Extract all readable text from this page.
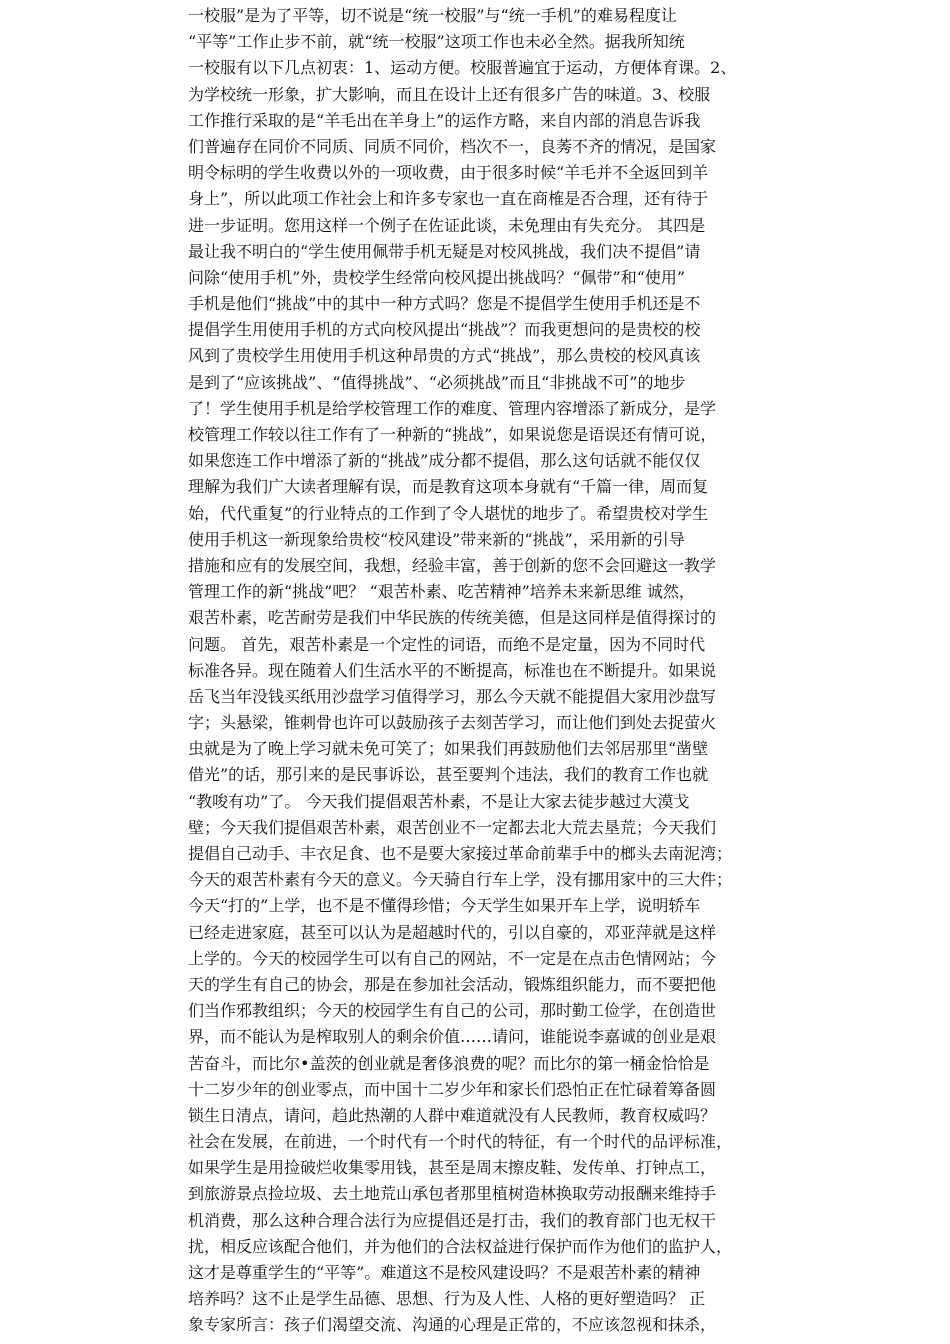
一校服”是为了平等，切不说是“统一校服”与“统一手机”的难易程度让
“平等”工作止步不前，就“统一校服”这项工作也未必全然。据我所知统
一校服有以下几点初衷：1、运动方便。校服普遍宜于运动，方便体育课。2、
为学校统一形象，扩大影响，而且在设计上还有很多广告的味道。3、校服
工作推行采取的是“羊毛出在羊身上”的运作方略，来自内部的消息告诉我
们普遍存在同价不同质、同质不同价，档次不一，良莠不齐的情况，是国家
明令标明的学生收费以外的一项收费，由于很多时候“羊毛并不全返回到羊
身上”，所以此项工作社会上和许多专家也一直在商榷是否合理，还有待于
进一步证明。您用这样一个例子在佐证此谈，未免理由有失充分。 其四是
最让我不明白的“学生使用佩带手机无疑是对校风挑战，我们决不提倡”请
问除“使用手机”外，贵校学生经常向校风提出挑战吗？“佩带”和“使用”
手机是他们“挑战”中的其中一种方式吗？您是不提倡学生使用手机还是不
提倡学生用使用手机的方式向校风提出“挑战”？而我更想问的是贵校的校
风到了贵校学生用使用手机这种昂贵的方式“挑战”，那么贵校的校风真该
是到了“应该挑战”、“值得挑战”、“必须挑战”而且“非挑战不可”的地步
了！学生使用手机是给学校管理工作的难度、管理内容增添了新成分，是学
校管理工作较以往工作有了一种新的“挑战”，如果说您是语误还有情可说，
如果您连工作中增添了新的“挑战”成分都不提倡，那么这句话就不能仅仅
理解为我们广大读者理解有误，而是教育这项本身就有“千篇一律，周而复
始，代代重复”的行业特点的工作到了令人堪忧的地步了。希望贵校对学生
使用手机这一新现象给贵校“校风建设”带来新的“挑战”，采用新的引导
措施和应有的发展空间，我想，经验丰富，善于创新的您不会回避这一教学
管理工作的新“挑战”吧？ “艰苦朴素、吃苦精神”培养未来新思维 诚然，
艰苦朴素，吃苦耐劳是我们中华民族的传统美德，但是这同样是值得探讨的
问题。 首先，艰苦朴素是一个定性的词语，而绝不是定量，因为不同时代
标准各异。现在随着人们生活水平的不断提高，标准也在不断提升。如果说
岳飞当年没钱买纸用沙盘学习值得学习，那么今天就不能提倡大家用沙盘写
字；头悬梁，锥刺骨也许可以鼓励孩子去刻苦学习，而让他们到处去捉萤火
虫就是为了晚上学习就未免可笑了；如果我们再鼓励他们去邻居那里“凿壁
借光”的话，那引来的是民事诉讼，甚至要判个违法，我们的教育工作也就
“教唆有功”了。 今天我们提倡艰苦朴素，不是让大家去徒步越过大漠戈
壁；今天我们提倡艰苦朴素，艰苦创业不一定都去北大荒去垦荒；今天我们
提倡自己动手、丰衣足食、也不是要大家接过革命前辈手中的榔头去南泥湾；
今天的艰苦朴素有今天的意义。今天骑自行车上学，没有挪用家中的三大件；
今天“打的”上学，也不是不懂得珍惜；今天学生如果开车上学，说明轿车
已经走进家庭，甚至可以认为是超越时代的，引以自豪的，邓亚萍就是这样
上学的。今天的校园学生可以有自己的网站，不一定是在点击色情网站；今
天的学生有自己的协会，那是在参加社会活动，锻炼组织能力，而不要把他
们当作邪教组织；今天的校园学生有自己的公司，那时勤工俭学，在创造世
界，而不能认为是榨取别人的剩余价值……请问，谁能说李嘉诚的创业是艰
苦奋斗，而比尔•盖茨的创业就是奢侈浪费的呢？而比尔的第一桶金恰恰是
十二岁少年的创业零点，而中国十二岁少年和家长们恐怕正在忙碌着筹备圆
锁生日清点，请问，趋此热潮的人群中难道就没有人民教师，教育权威吗？
社会在发展，在前进，一个时代有一个时代的特征，有一个时代的品评标准，
如果学生是用捡破烂收集零用钱，甚至是周末擦皮鞋、发传单、打钟点工，
到旅游景点捡垃圾、去土地荒山承包者那里植树造林换取劳动报酬来维持手
机消费，那么这种合理合法行为应提倡还是打击，我们的教育部门也无权干
扰，相反应该配合他们，并为他们的合法权益进行保护而作为他们的监护人，
这才是尊重学生的“平等”。难道这不是校风建设吗？不是艰苦朴素的精神
培养吗？这不止是学生品德、思想、行为及人性、人格的更好塑造吗？ 正
象专家所言：孩子们渴望交流、沟通的心理是正常的，不应该忽视和抹杀，
